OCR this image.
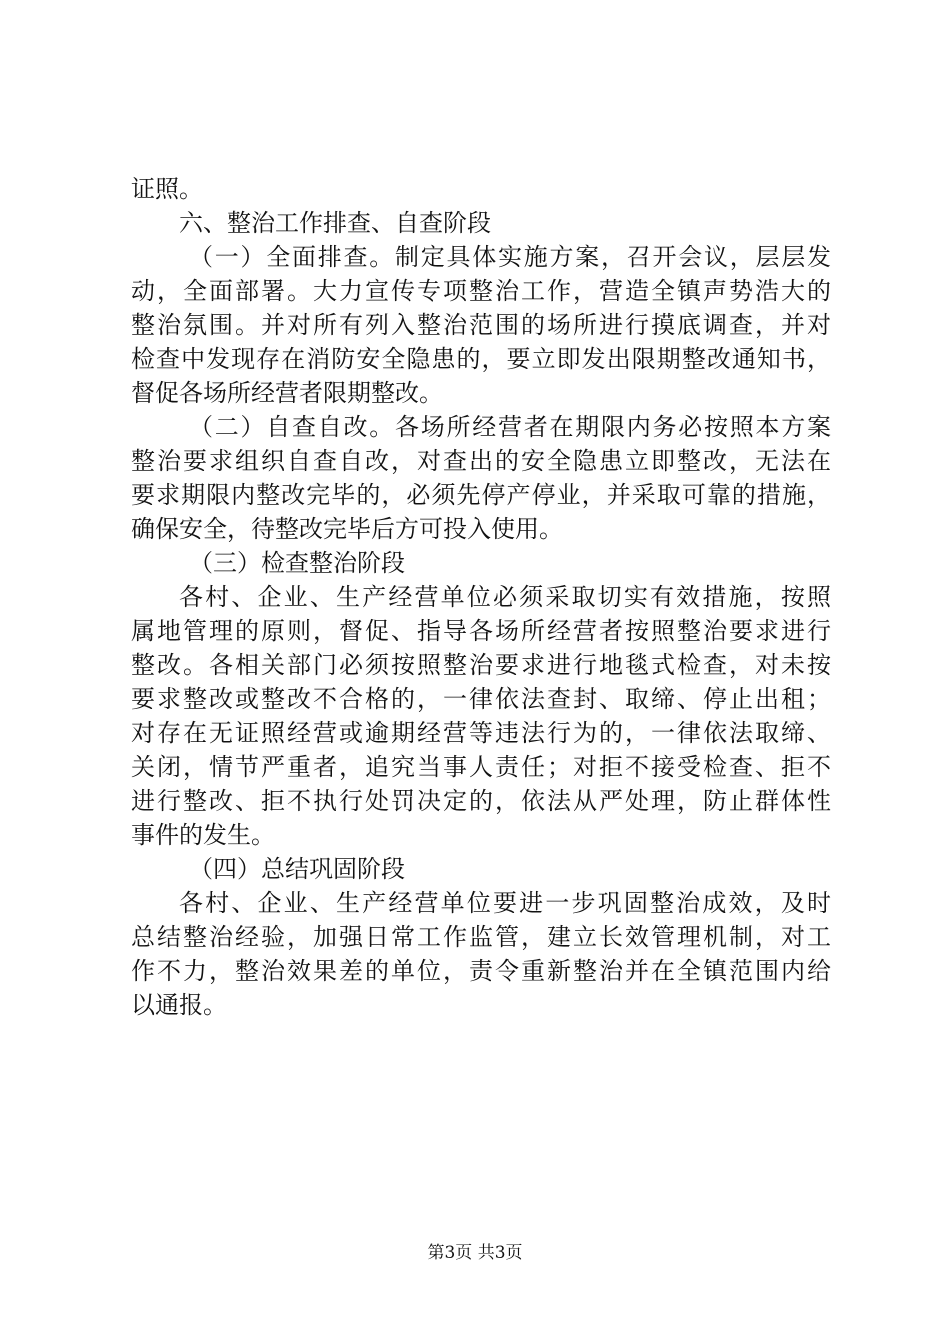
证照。
六、整治工作排查、自查阶段
（一）全面排查。制定具体实施方案，召开会议，层层发
动，全面部署。大力宣传专项整治工作，营造全镇声势浩大的
整治氛围。并对所有列入整治范围的场所进行摸底调查，并对
检查中发现存在消防安全隐患的，要立即发出限期整改通知书，
督促各场所经营者限期整改。
（二）自查自改。各场所经营者在期限内务必按照本方案
整治要求组织自查自改，对查出的安全隐患立即整改，无法在
要求期限内整改完毕的，必须先停产停业，并采取可靠的措施，
确保安全，待整改完毕后方可投入使用。
（三）检查整治阶段
各村、企业、生产经营单位必须采取切实有效措施，按照
属地管理的原则，督促、指导各场所经营者按照整治要求进行
整改。各相关部门必须按照整治要求进行地毯式检查，对未按
要求整改或整改不合格的，一律依法查封、取缔、停止出租；
对存在无证照经营或逾期经营等违法行为的，一律依法取缔、
关闭，情节严重者，追究当事人责任；对拒不接受检查、拒不
进行整改、拒不执行处罚决定的，依法从严处理，防止群体性
事件的发生。
（四）总结巩固阶段
各村、企业、生产经营单位要进一步巩固整治成效，及时
总结整治经验，加强日常工作监管，建立长效管理机制，对工
作不力，整治效果差的单位，责令重新整治并在全镇范围内给
以通报。
第3页 共3页
